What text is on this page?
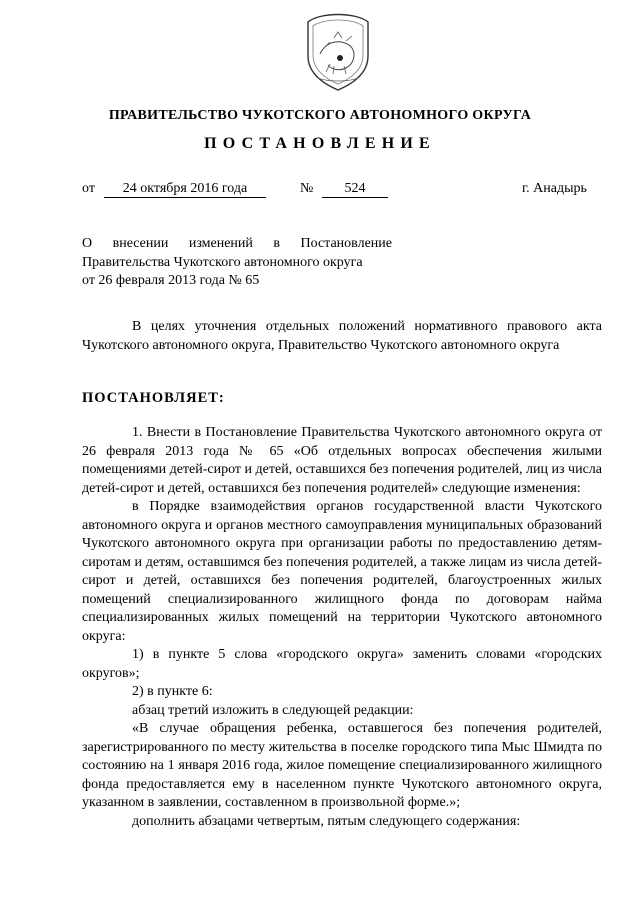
ПРАВИТЕЛЬСТВО ЧУКОТСКОГО АВТОНОМНОГО ОКРУГА
ПОСТАНОВЛЕНИЕ
от	24 октября 2016 года	№	524	г. Анадырь
О внесении изменений в Постановление
Правительства Чукотского автономного округа
от 26 февраля 2013 года № 65
В целях уточнения отдельных положений нормативного правового акта Чукотского автономного округа, Правительство Чукотского автономного округа
ПОСТАНОВЛЯЕТ:
1. Внести в Постановление Правительства Чукотского автономного округа от 26 февраля 2013 года № 65 «Об отдельных вопросах обеспечения жилыми помещениями детей-сирот и детей, оставшихся без попечения родителей, лиц из числа детей-сирот и детей, оставшихся без попечения родителей» следующие изменения:
в Порядке взаимодействия органов государственной власти Чукотского автономного округа и органов местного самоуправления муниципальных образований Чукотского автономного округа при организации работы по предоставлению детям-сиротам и детям, оставшимся без попечения родителей, а также лицам из числа детей-сирот и детей, оставшихся без попечения родителей, благоустроенных жилых помещений специализированного жилищного фонда по договорам найма специализированных жилых помещений на территории Чукотского автономного округа:
1) в пункте 5 слова «городского округа» заменить словами «городских округов»;
2) в пункте 6:
абзац третий изложить в следующей редакции:
«В случае обращения ребенка, оставшегося без попечения родителей, зарегистрированного по месту жительства в поселке городского типа Мыс Шмидта по состоянию на 1 января 2016 года, жилое помещение специализированного жилищного фонда предоставляется ему в населенном пункте Чукотского автономного округа, указанном в заявлении, составленном в произвольной форме.»;
дополнить абзацами четвертым, пятым следующего содержания:
